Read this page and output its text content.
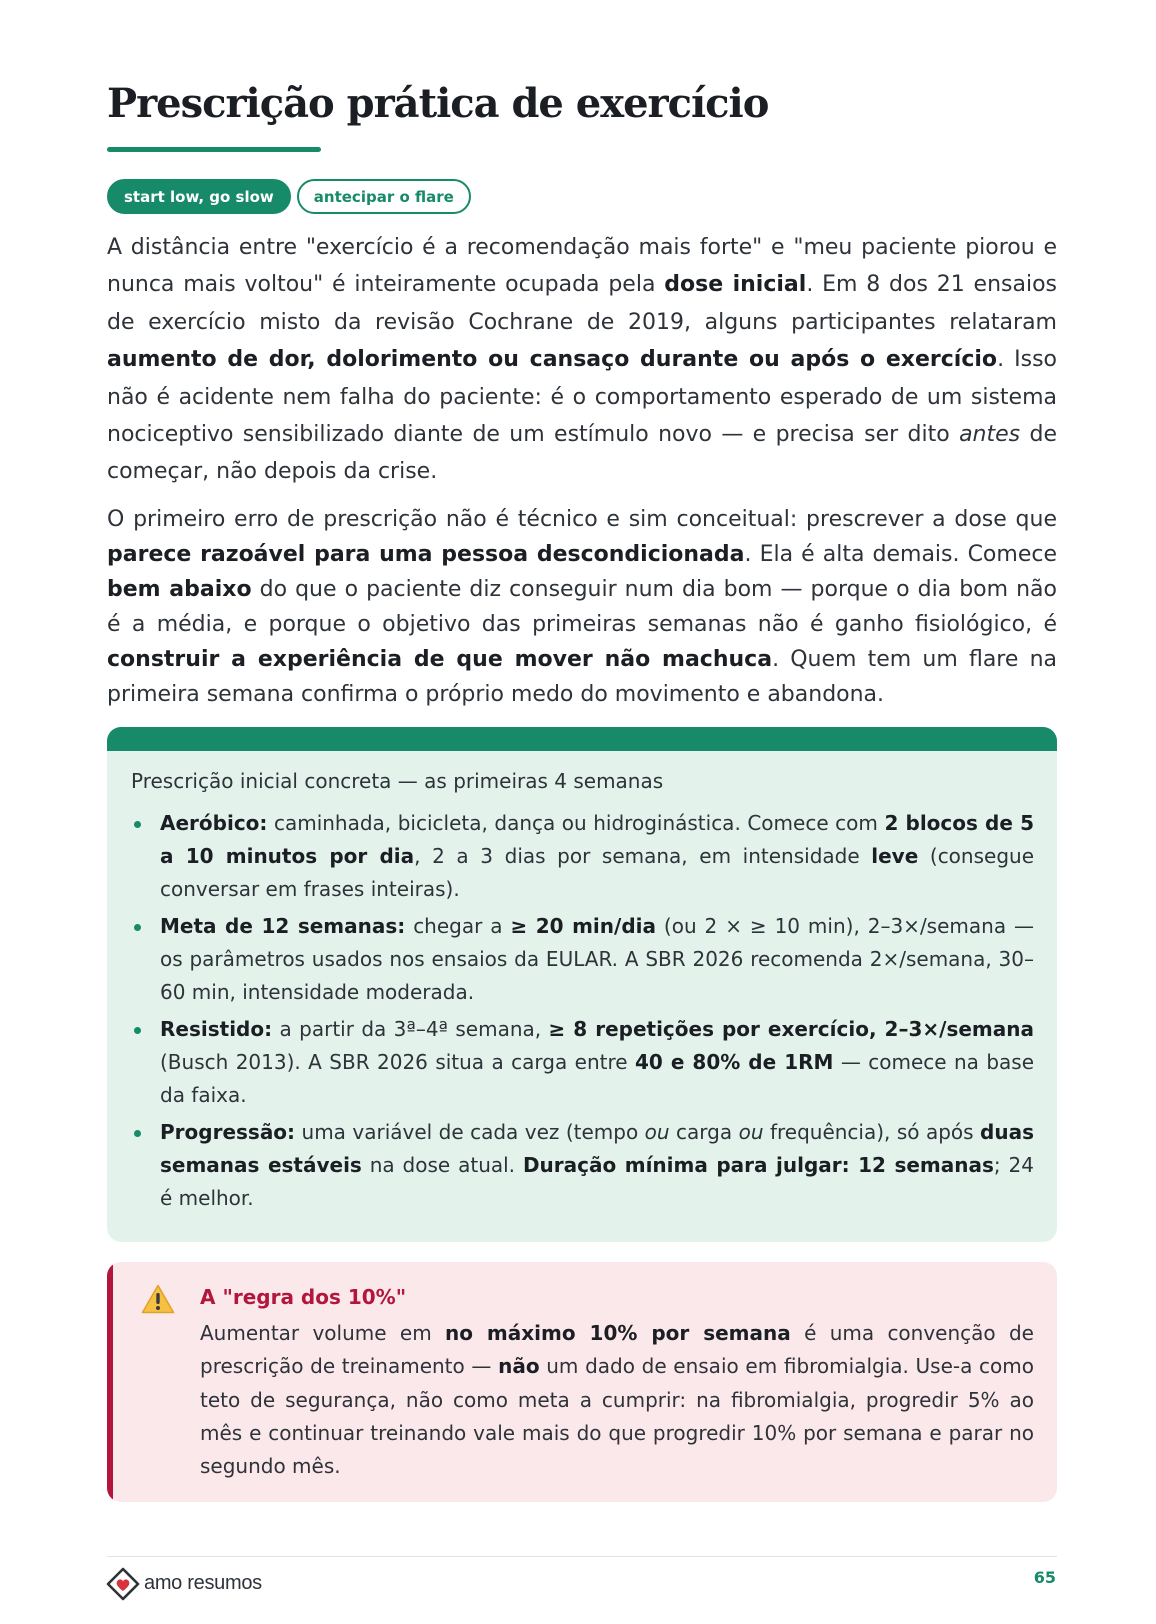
Prescrição prática de exercício
start low, go slow	antecipar o flare

A distância entre "exercício é a recomendação mais forte" e "meu paciente piorou e nunca mais voltou" é inteiramente ocupada pela dose inicial. Em 8 dos 21 ensaios de exercício misto da revisão Cochrane de 2019, alguns participantes relataram aumento de dor, dolorimento ou cansaço durante ou após o exercício. Isso não é acidente nem falha do paciente: é o comportamento esperado de um sistema nociceptivo sensibilizado diante de um estímulo novo — e precisa ser dito antes de começar, não depois da crise.

O primeiro erro de prescrição não é técnico e sim conceitual: prescrever a dose que parece razoável para uma pessoa descondicionada. Ela é alta demais. Comece bem abaixo do que o paciente diz conseguir num dia bom — porque o dia bom não é a média, e porque o objetivo das primeiras semanas não é ganho fisiológico, é construir a experiência de que mover não machuca. Quem tem um flare na primeira semana confirma o próprio medo do movimento e abandona.

Prescrição inicial concreta — as primeiras 4 semanas
Aeróbico: caminhada, bicicleta, dança ou hidroginástica. Comece com 2 blocos de 5 a 10 minutos por dia, 2 a 3 dias por semana, em intensidade leve (consegue conversar em frases inteiras).
Meta de 12 semanas: chegar a ≥ 20 min/dia (ou 2 × ≥ 10 min), 2–3×/semana — os parâmetros usados nos ensaios da EULAR. A SBR 2026 recomenda 2×/semana, 30–60 min, intensidade moderada.
Resistido: a partir da 3ª–4ª semana, ≥ 8 repetições por exercício, 2–3×/semana (Busch 2013). A SBR 2026 situa a carga entre 40 e 80% de 1RM — comece na base da faixa.
Progressão: uma variável de cada vez (tempo ou carga ou frequência), só após duas semanas estáveis na dose atual. Duração mínima para julgar: 12 semanas; 24 é melhor.
A "regra dos 10%"

Aumentar volume em no máximo 10% por semana é uma convenção de prescrição de treinamento — não um dado de ensaio em fibromialgia. Use-a como teto de segurança, não como meta a cumprir: na fibromialgia, progredir 5% ao mês e continuar treinando vale mais do que progredir 10% por semana e parar no segundo mês.

amo resumos	65
